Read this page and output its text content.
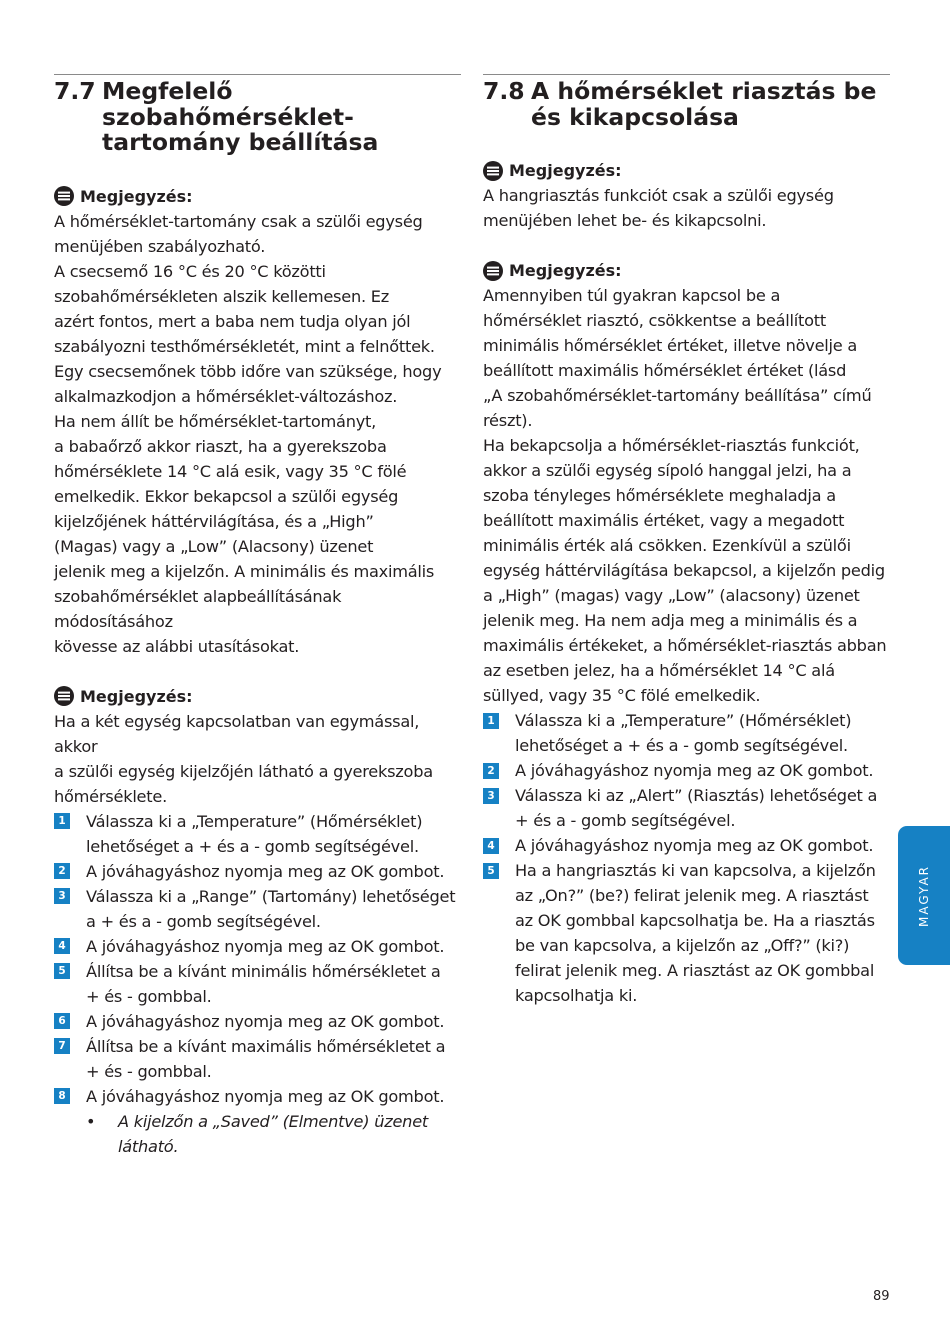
7.7 Megfelelő
szobahőmérséklet-
tartomány beállítása
Megjegyzés:
A hőmérséklet-tartomány csak a szülői egység
menüjében szabályozható.
A csecsemő 16 °C és 20 °C közötti
szobahőmérsékleten alszik kellemesen. Ez
azért fontos, mert a baba nem tudja olyan jól
szabályozni testhőmérsékletét, mint a felnőttek.
Egy csecsemőnek több időre van szüksége, hogy
alkalmazkodjon a hőmérséklet-változáshoz.
Ha nem állít be hőmérséklet-tartományt,
a babaőrző akkor riaszt, ha a gyerekszoba
hőmérséklete 14 °C alá esik, vagy 35 °C fölé
emelkedik. Ekkor bekapcsol a szülői egység
kijelzőjének háttérvilágítása, és a „High”
(Magas) vagy a „Low” (Alacsony) üzenet
jelenik meg a kijelzőn. A minimális és maximális
szobahőmérséklet alapbeállításának módosításához
kövesse az alábbi utasításokat.
Megjegyzés:
Ha a két egység kapcsolatban van egymással, akkor
a szülői egység kijelzőjén látható a gyerekszoba
hőmérséklete.
1 Válassza ki a „Temperature” (Hőmérséklet)
lehetőséget a + és a - gomb segítségével.
2 A jóváhagyáshoz nyomja meg az OK gombot.
3 Válassza ki a „Range” (Tartomány) lehetőséget
a + és a - gomb segítségével.
4 A jóváhagyáshoz nyomja meg az OK gombot.
5 Állítsa be a kívánt minimális hőmérsékletet a
+ és - gombbal.
6 A jóváhagyáshoz nyomja meg az OK gombot.
7 Állítsa be a kívánt maximális hőmérsékletet a
+ és - gombbal.
8 A jóváhagyáshoz nyomja meg az OK gombot.
•	A kijelzőn a „Saved” (Elmentve) üzenet
látható.
7.8 A hőmérséklet riasztás be
és kikapcsolása
Megjegyzés:
A hangriasztás funkciót csak a szülői egység
menüjében lehet be- és kikapcsolni.
Megjegyzés:
Amennyiben túl gyakran kapcsol be a
hőmérséklet riasztó, csökkentse a beállított
minimális hőmérséklet értéket, illetve növelje a
beállított maximális hőmérséklet értéket (lásd
„A szobahőmérséklet-tartomány beállítása” című
részt).
Ha bekapcsolja a hőmérséklet-riasztás funkciót,
akkor a szülői egység sípoló hanggal jelzi, ha a
szoba tényleges hőmérséklete meghaladja a
beállított maximális értéket, vagy a megadott
minimális érték alá csökken. Ezenkívül a szülői
egység háttérvilágítása bekapcsol, a kijelzőn pedig
a „High” (magas) vagy „Low” (alacsony) üzenet
jelenik meg. Ha nem adja meg a minimális és a
maximális értékeket, a hőmérséklet-riasztás abban
az esetben jelez, ha a hőmérséklet 14 °C alá
süllyed, vagy 35 °C fölé emelkedik.
1 Válassza ki a „Temperature” (Hőmérséklet)
lehetőséget a + és a - gomb segítségével.
2 A jóváhagyáshoz nyomja meg az OK gombot.
3 Válassza ki az „Alert” (Riasztás) lehetőséget a
+ és a - gomb segítségével.
4 A jóváhagyáshoz nyomja meg az OK gombot.
5 Ha a hangriasztás ki van kapcsolva, a kijelzőn
az „On?” (be?) felirat jelenik meg. A riasztást
az OK gombbal kapcsolhatja be. Ha a riasztás
be van kapcsolva, a kijelzőn az „Off?” (ki?)
felirat jelenik meg. A riasztást az OK gombbal
kapcsolhatja ki.
MAGYAR
89
